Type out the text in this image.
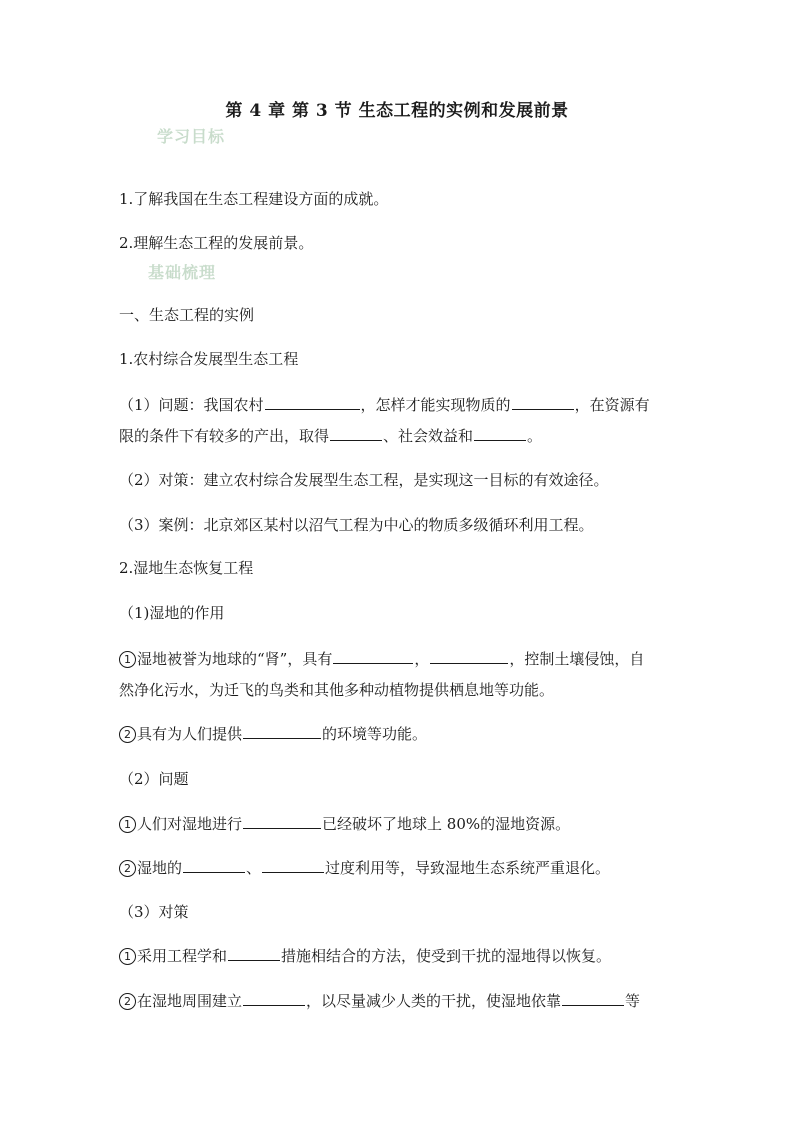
第 4 章 第 3 节 生态工程的实例和发展前景
学习目标
1.了解我国在生态工程建设方面的成就。
2.理解生态工程的发展前景。
基础梳理
一、生态工程的实例
1.农村综合发展型生态工程
（1）问题：我国农村	，怎样才能实现物质的	，在资源有
限的条件下有较多的产出，取得	、社会效益和	。
（2）对策：建立农村综合发展型生态工程，是实现这一目标的有效途径。
（3）案例：北京郊区某村以沼气工程为中心的物质多级循环利用工程。
2.湿地生态恢复工程
（1)湿地的作用
1 湿地被誉为地球的“肾”，具有	，	，控制土壤侵蚀，自
然净化污水，为迁飞的鸟类和其他多种动植物提供栖息地等功能。
2 具有为人们提供	的环境等功能。
（2）问题
1 人们对湿地进行	已经破坏了地球上 80%的湿地资源。
2 湿地的	、	过度利用等，导致湿地生态系统严重退化。
（3）对策
1 采用工程学和	措施相结合的方法，使受到干扰的湿地得以恢复。
2 在湿地周围建立	，以尽量减少人类的干扰，使湿地依靠	等
